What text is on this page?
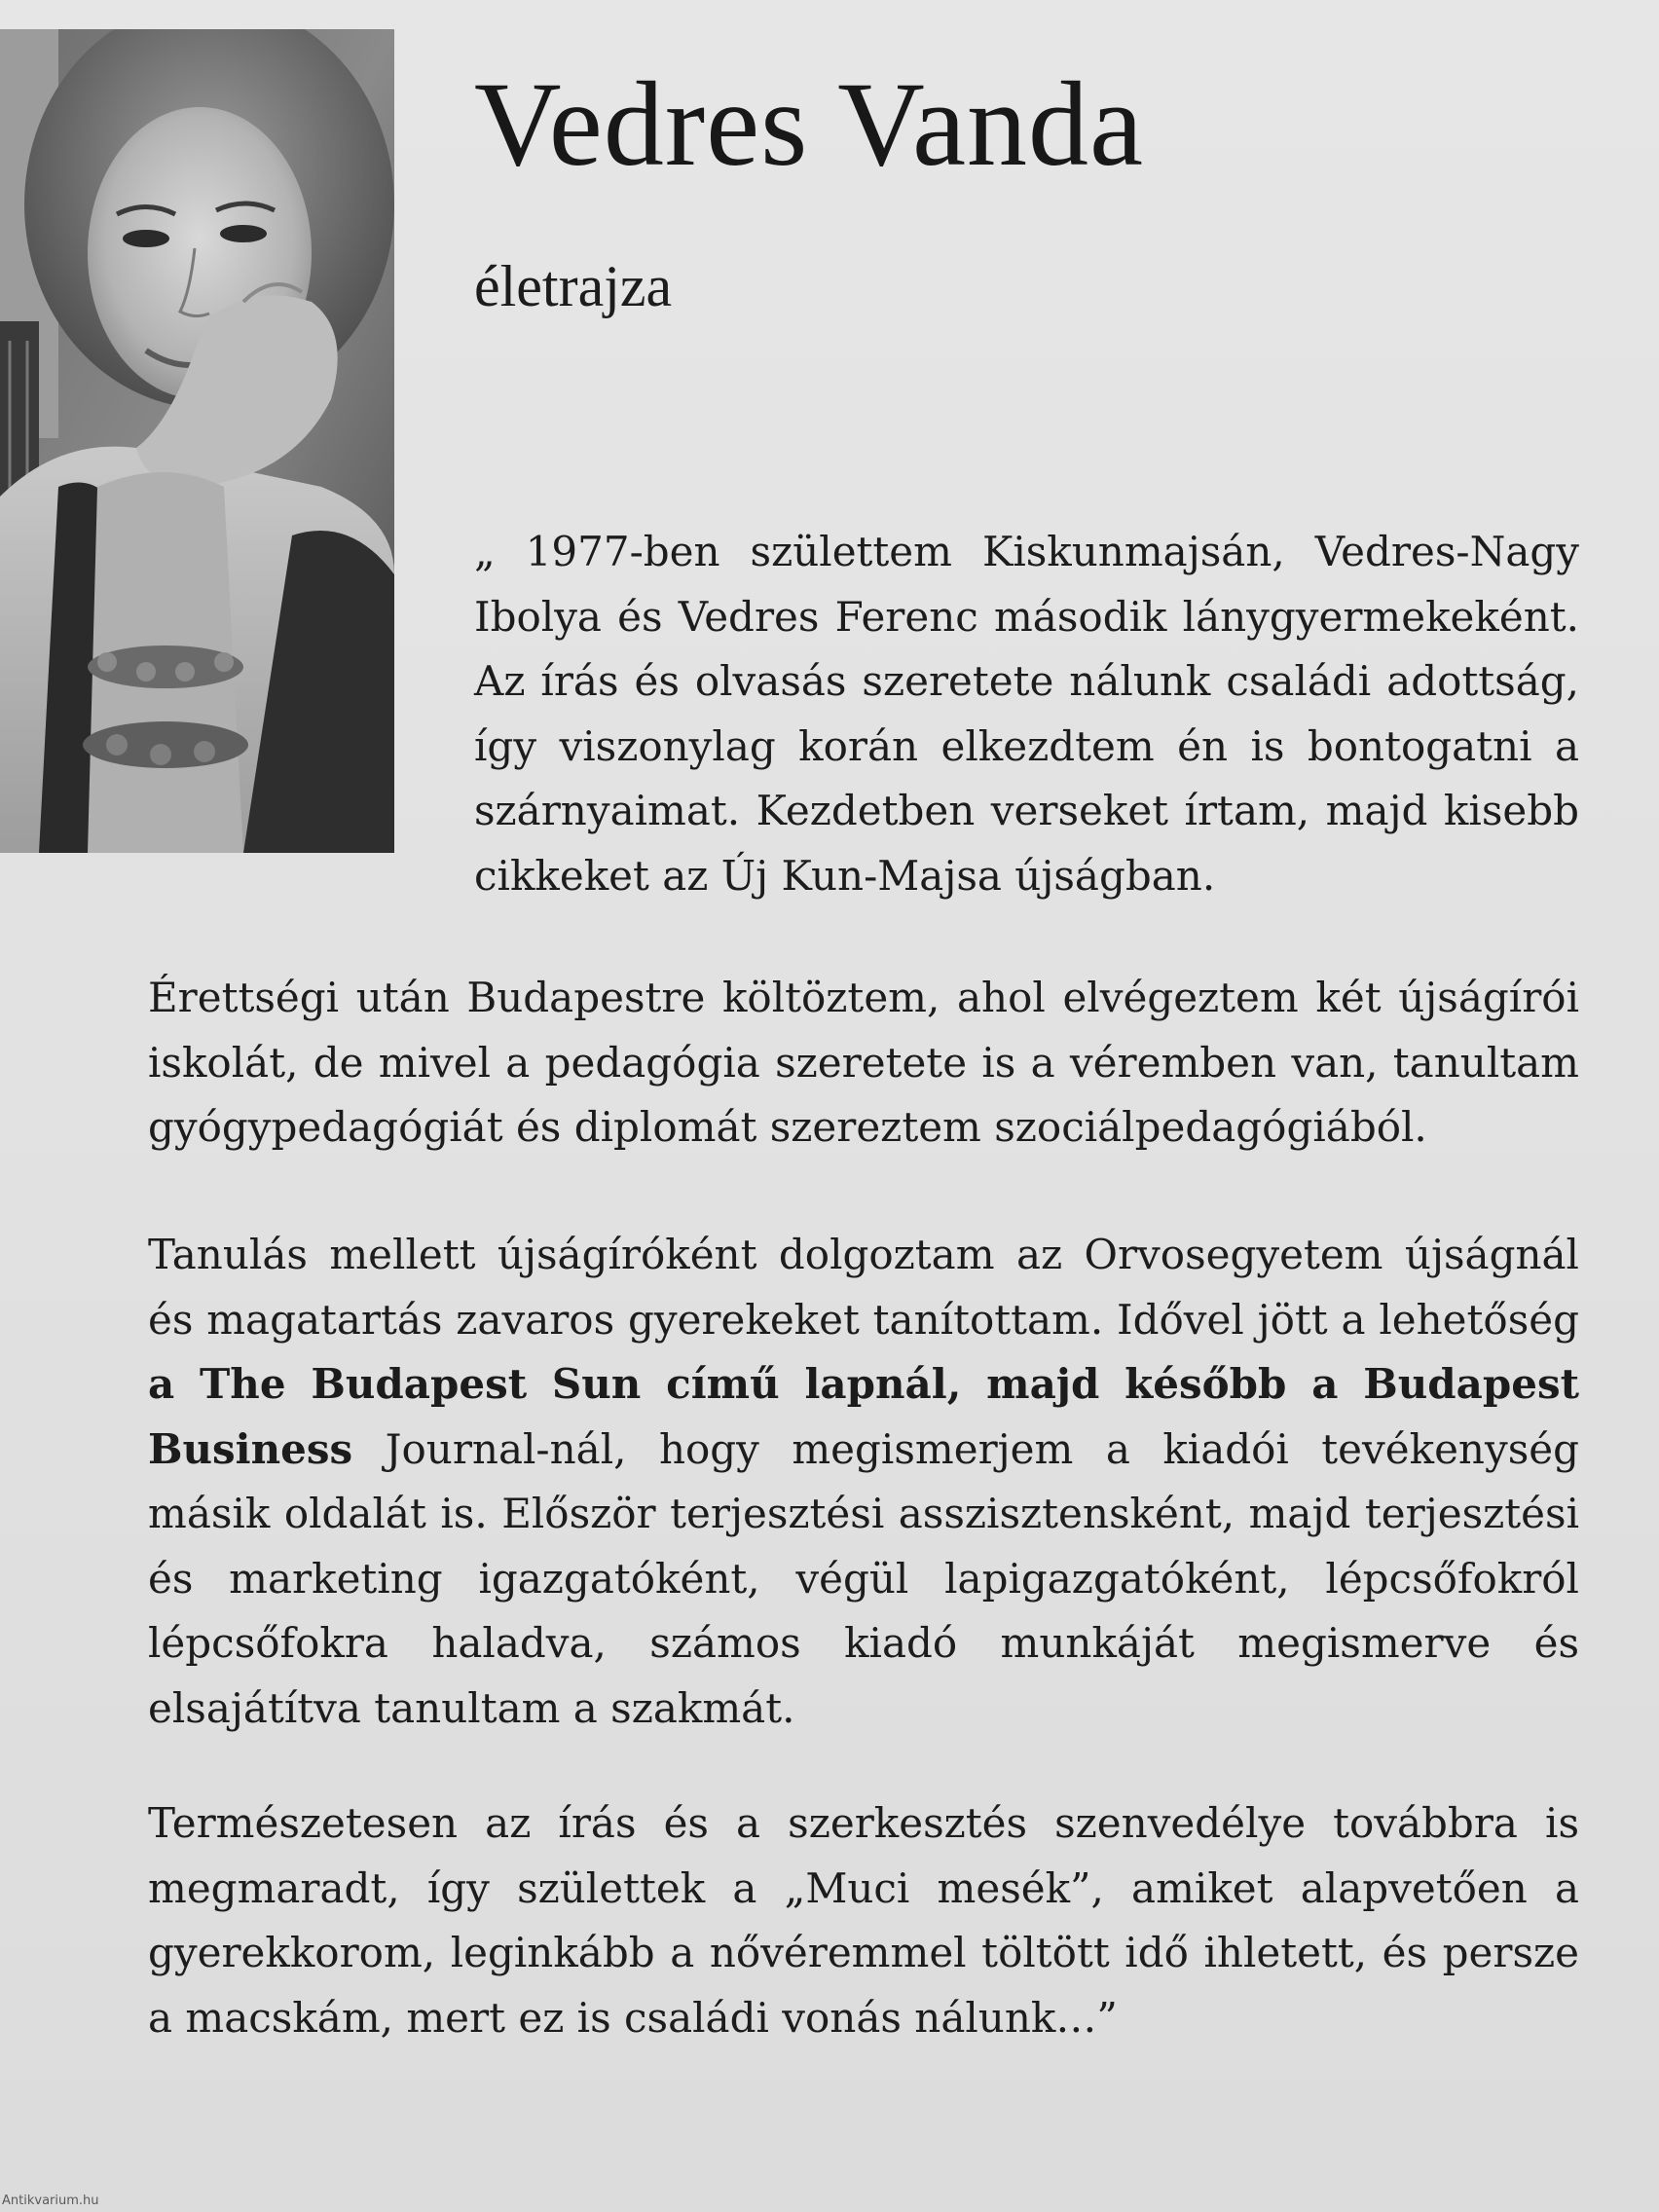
Vedres Vanda
életrajza

„ 1977-ben születtem Kiskunmajsán, Vedres-Nagy Ibolya és Vedres Ferenc második lánygyermekeként. Az írás és olvasás szeretete nálunk családi adottság, így viszonylag korán elkezdtem én is bontogatni a szárnyaimat. Kezdetben verseket írtam, majd kisebb cikkeket az Új Kun-Majsa újságban.

Érettségi után Budapestre költöztem, ahol elvégeztem két újságírói iskolát, de mivel a pedagógia szeretete is a véremben van, tanultam gyógypedagógiát és diplomát szereztem szociálpedagógiából.

Tanulás mellett újságíróként dolgoztam az Orvosegyetem újságnál és magatartás zavaros gyerekeket tanítottam. Idővel jött a lehetőség a The Budapest Sun című lapnál, majd később a Budapest Business Journal-nál, hogy megismerjem a kiadói tevékenység másik oldalát is. Először terjesztési asszisztensként, majd terjesztési és marketing igazgatóként, végül lapigazgatóként, lépcsőfokról lépcsőfokra haladva, számos kiadó munkáját megismerve és elsajátítva tanultam a szakmát.

Természetesen az írás és a szerkesztés szenvedélye továbbra is megmaradt, így születtek a „Muci mesék”, amiket alapvetően a gyerekkorom, leginkább a nővéremmel töltött idő ihletett, és persze a macskám, mert ez is családi vonás nálunk…”

Antikvarium.hu
